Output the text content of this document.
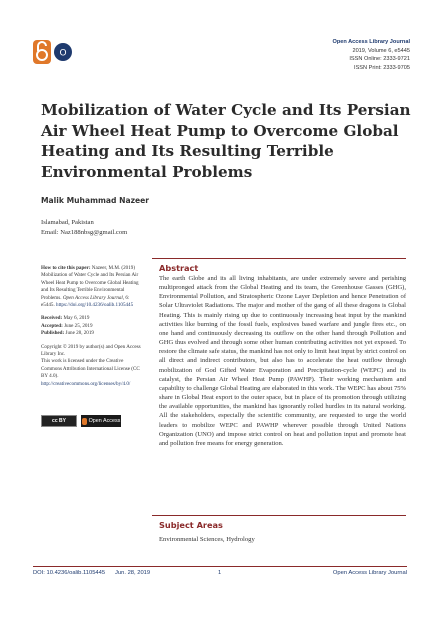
O
Open Access Library Journal
2019, Volume 6, e5445
ISSN Online: 2333-9721
ISSN Print: 2333-9705
Mobilization of Water Cycle and Its Persian Air Wheel Heat Pump to Overcome Global Heating and Its Resulting Terrible Environmental Problems
Malik Muhammad Nazeer
Islamabad, Pakistan
Email: Naz188nbsg@gmail.com
How to cite this paper: Nazeer, M.M. (2019) Mobilization of Water Cycle and Its Persian Air Wheel Heat Pump to Overcome Global Heating and Its Resulting Terrible Environmental Problems. Open Access Library Journal, 6: e5445. https://doi.org/10.4236/oalib.1105445
Received: May 6, 2019
Accepted: June 25, 2019
Published: June 28, 2019
Copyright © 2019 by author(s) and Open Access Library Inc.
This work is licensed under the Creative Commons Attribution International License (CC BY 4.0).
http://creativecommons.org/licenses/by/4.0/
cc BY	Open Access
Abstract

The earth Globe and its all living inhabitants, are under extremely severe and perishing multipronged attack from the Global Heating and its team, the Greenhouse Gasses (GHG), Environmental Pollution, and Stratospheric Ozone Layer Depletion and hence Penetration of Solar Ultraviolet Radiations. The major and mother of the gang of all these dragons is Global Heating. This is mainly rising up due to continuously increasing heat input by the mankind activities like burning of the fossil fuels, explosives based warfare and jungle fires etc., on one hand and continuously decreasing its outflow on the other hand through Pollution and GHG thus evolved and through some other human contributing activities not yet exposed. To restore the climate safe status, the mankind has not only to limit heat input by strict control on all direct and indirect contributors, but also has to accelerate the heat outflow through mobilization of God Gifted Water Evaporation and Precipitation-cycle (WEPC) and its catalyst, the Persian Air Wheel Heat Pump (PAWHP). Their working mechanism and capability to challenge Global Heating are elaborated in this work. The WEPC has about 75% share in Global Heat export to the outer space, but in place of its promotion through utilizing the available opportunities, the mankind has ignorantly rolled hurdles in its natural working. All the stakeholders, especially the scientific community, are requested to urge the world leaders to mobilize WEPC and PAWHP wherever possible through United Nations Organization (UNO) and impose strict control on heat and pollution input and promote heat and pollution free means for energy generation.

Subject Areas
Environmental Sciences, Hydrology
DOI: 10.4236/oalib.1105445 Jun. 28, 2019	1	Open Access Library Journal
